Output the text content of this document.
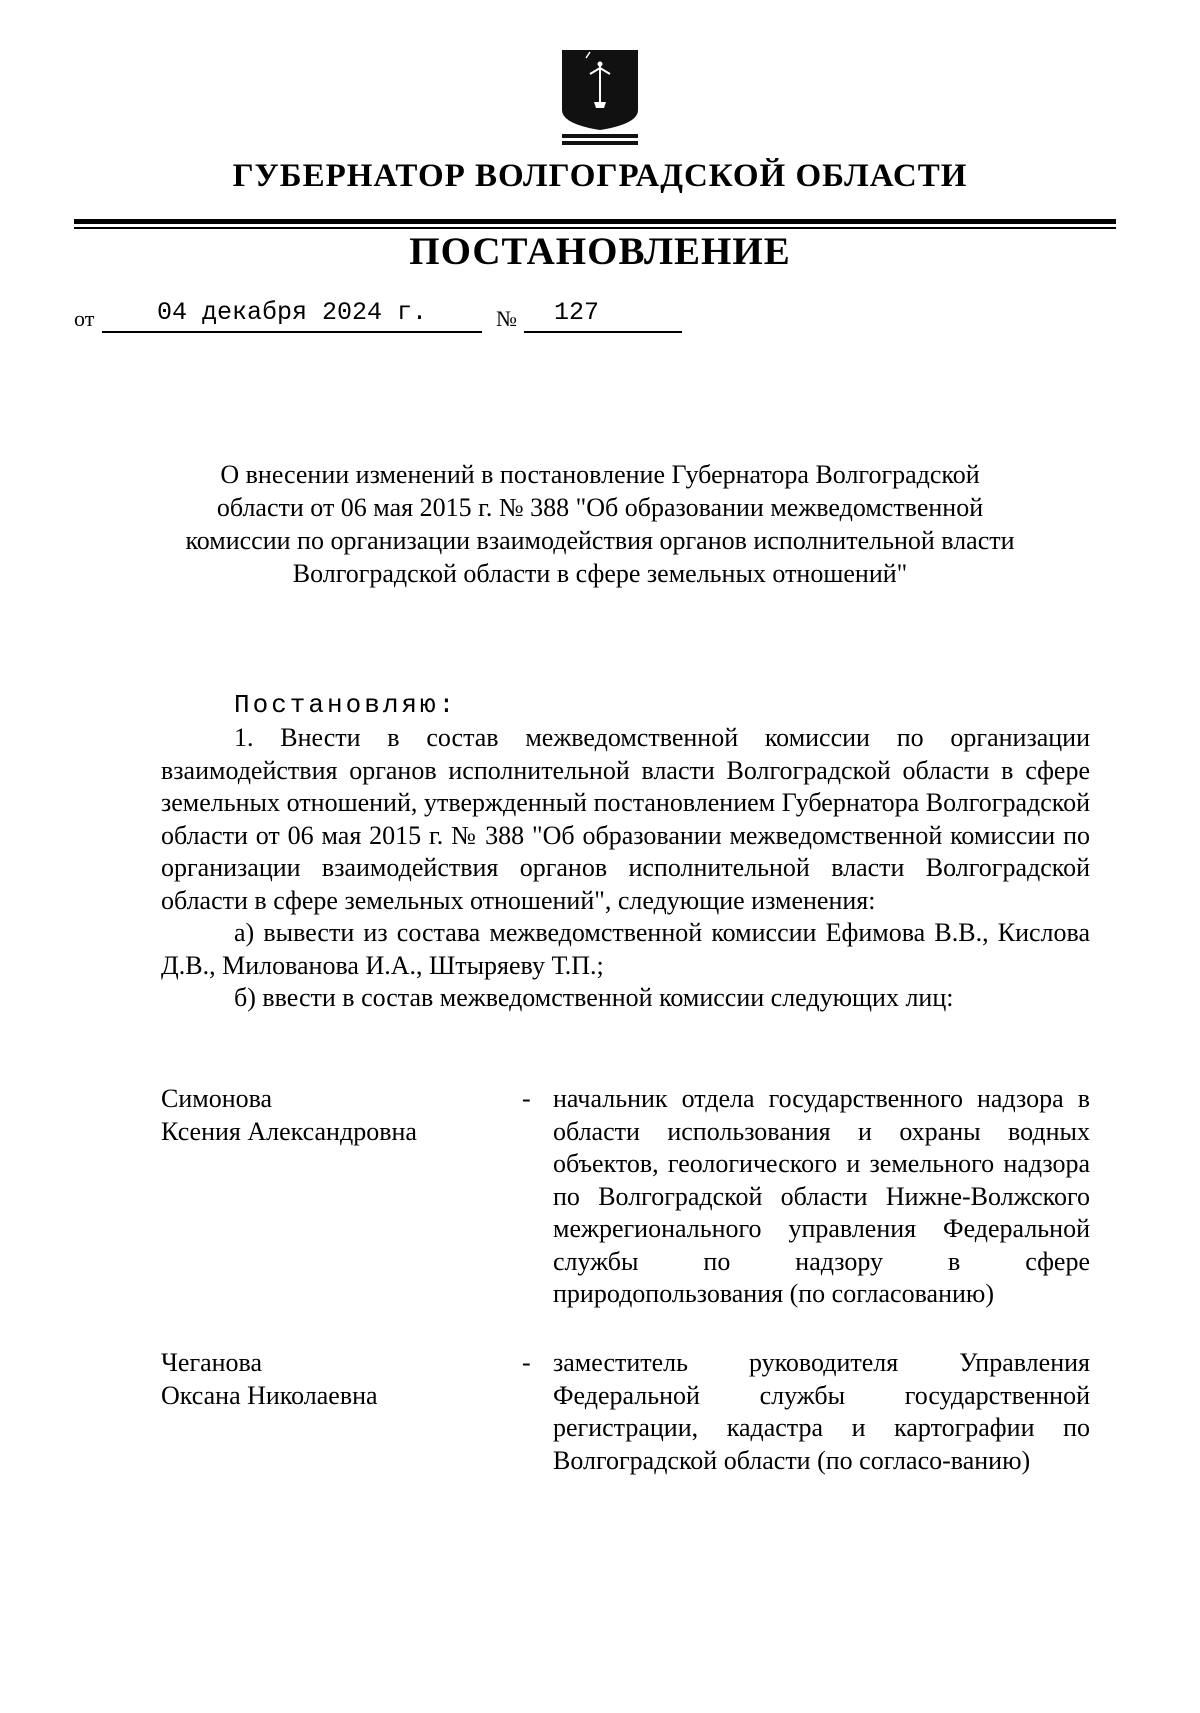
ГУБЕРНАТОР ВОЛГОГРАДСКОЙ ОБЛАСТИ
ПОСТАНОВЛЕНИЕ
от	04 декабря 2024 г.	№ 127
О внесении изменений в постановление Губернатора Волгоградской
области от 06 мая 2015 г. № 388 "Об образовании межведомственной
комиссии по организации взаимодействия органов исполнительной власти
Волгоградской области в сфере земельных отношений"
Постановляю:
1. Внести в состав межведомственной комиссии по организации взаимодействия органов исполнительной власти Волгоградской области в сфере земельных отношений, утвержденный постановлением Губернатора Волгоградской области от 06 мая 2015 г. № 388 "Об образовании межведомственной комиссии по организации взаимодействия органов исполнительной власти Волгоградской области в сфере земельных отношений", следующие изменения:
а) вывести из состава межведомственной комиссии Ефимова В.В., Кислова Д.В., Милованова И.А., Штыряеву Т.П.;
б) ввести в состав межведомственной комиссии следующих лиц:
Симонова
Ксения Александровна
- начальник отдела государственного надзора в области использования и охраны водных объектов, геологического и земельного надзора по Волгоградской области Нижне-Волжского межрегионального управления Федеральной службы по надзору в сфере природопользования (по согласованию)
Чеганова
Оксана Николаевна
- заместитель руководителя Управления Федеральной службы государственной регистрации, кадастра и картографии по Волгоградской области (по согласо-ванию)
